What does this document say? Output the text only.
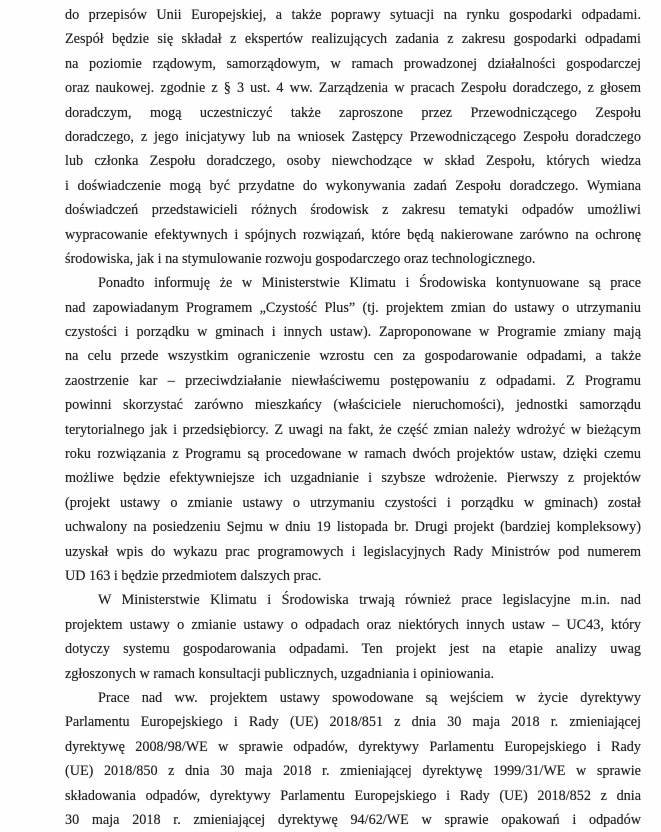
do przepisów Unii Europejskiej, a także poprawy sytuacji na rynku gospodarki odpadami.
Zespół będzie się składał z ekspertów realizujących zadania z zakresu gospodarki odpadami
na poziomie rządowym, samorządowym, w ramach prowadzonej działalności gospodarczej
oraz naukowej. zgodnie z § 3 ust. 4 ww. Zarządzenia w pracach Zespołu doradczego, z głosem
doradczym, mogą uczestniczyć także zaproszone przez Przewodniczącego Zespołu
doradczego, z jego inicjatywy lub na wniosek Zastępcy Przewodniczącego Zespołu doradczego
lub członka Zespołu doradczego, osoby niewchodzące w skład Zespołu, których wiedza
i doświadczenie mogą być przydatne do wykonywania zadań Zespołu doradczego. Wymiana
doświadczeń przedstawicieli różnych środowisk z zakresu tematyki odpadów umożliwi
wypracowanie efektywnych i spójnych rozwiązań, które będą nakierowane zarówno na ochronę
środowiska, jak i na stymulowanie rozwoju gospodarczego oraz technologicznego.
Ponadto informuję że w Ministerstwie Klimatu i Środowiska kontynuowane są prace
nad zapowiadanym Programem „Czystość Plus” (tj. projektem zmian do ustawy o utrzymaniu
czystości i porządku w gminach i innych ustaw). Zaproponowane w Programie zmiany mają
na celu przede wszystkim ograniczenie wzrostu cen za gospodarowanie odpadami, a także
zaostrzenie kar – przeciwdziałanie niewłaściwemu postępowaniu z odpadami. Z Programu
powinni skorzystać zarówno mieszkańcy (właściciele nieruchomości), jednostki samorządu
terytorialnego jak i przedsiębiorcy. Z uwagi na fakt, że część zmian należy wdrożyć w bieżącym
roku rozwiązania z Programu są procedowane w ramach dwóch projektów ustaw, dzięki czemu
możliwe będzie efektywniejsze ich uzgadnianie i szybsze wdrożenie. Pierwszy z projektów
(projekt ustawy o zmianie ustawy o utrzymaniu czystości i porządku w gminach) został
uchwalony na posiedzeniu Sejmu w dniu 19 listopada br. Drugi projekt (bardziej kompleksowy)
uzyskał wpis do wykazu prac programowych i legislacyjnych Rady Ministrów pod numerem
UD 163 i będzie przedmiotem dalszych prac.
W Ministerstwie Klimatu i Środowiska trwają również prace legislacyjne m.in. nad
projektem ustawy o zmianie ustawy o odpadach oraz niektórych innych ustaw – UC43, który
dotyczy systemu gospodarowania odpadami. Ten projekt jest na etapie analizy uwag
zgłoszonych w ramach konsultacji publicznych, uzgadniania i opiniowania.
Prace nad ww. projektem ustawy spowodowane są wejściem w życie dyrektywy
Parlamentu Europejskiego i Rady (UE) 2018/851 z dnia 30 maja 2018 r. zmieniającej
dyrektywę 2008/98/WE w sprawie odpadów, dyrektywy Parlamentu Europejskiego i Rady
(UE) 2018/850 z dnia 30 maja 2018 r. zmieniającej dyrektywę 1999/31/WE w sprawie
składowania odpadów, dyrektywy Parlamentu Europejskiego i Rady (UE) 2018/852 z dnia
30 maja 2018 r. zmieniającej dyrektywę 94/62/WE w sprawie opakowań i odpadów
